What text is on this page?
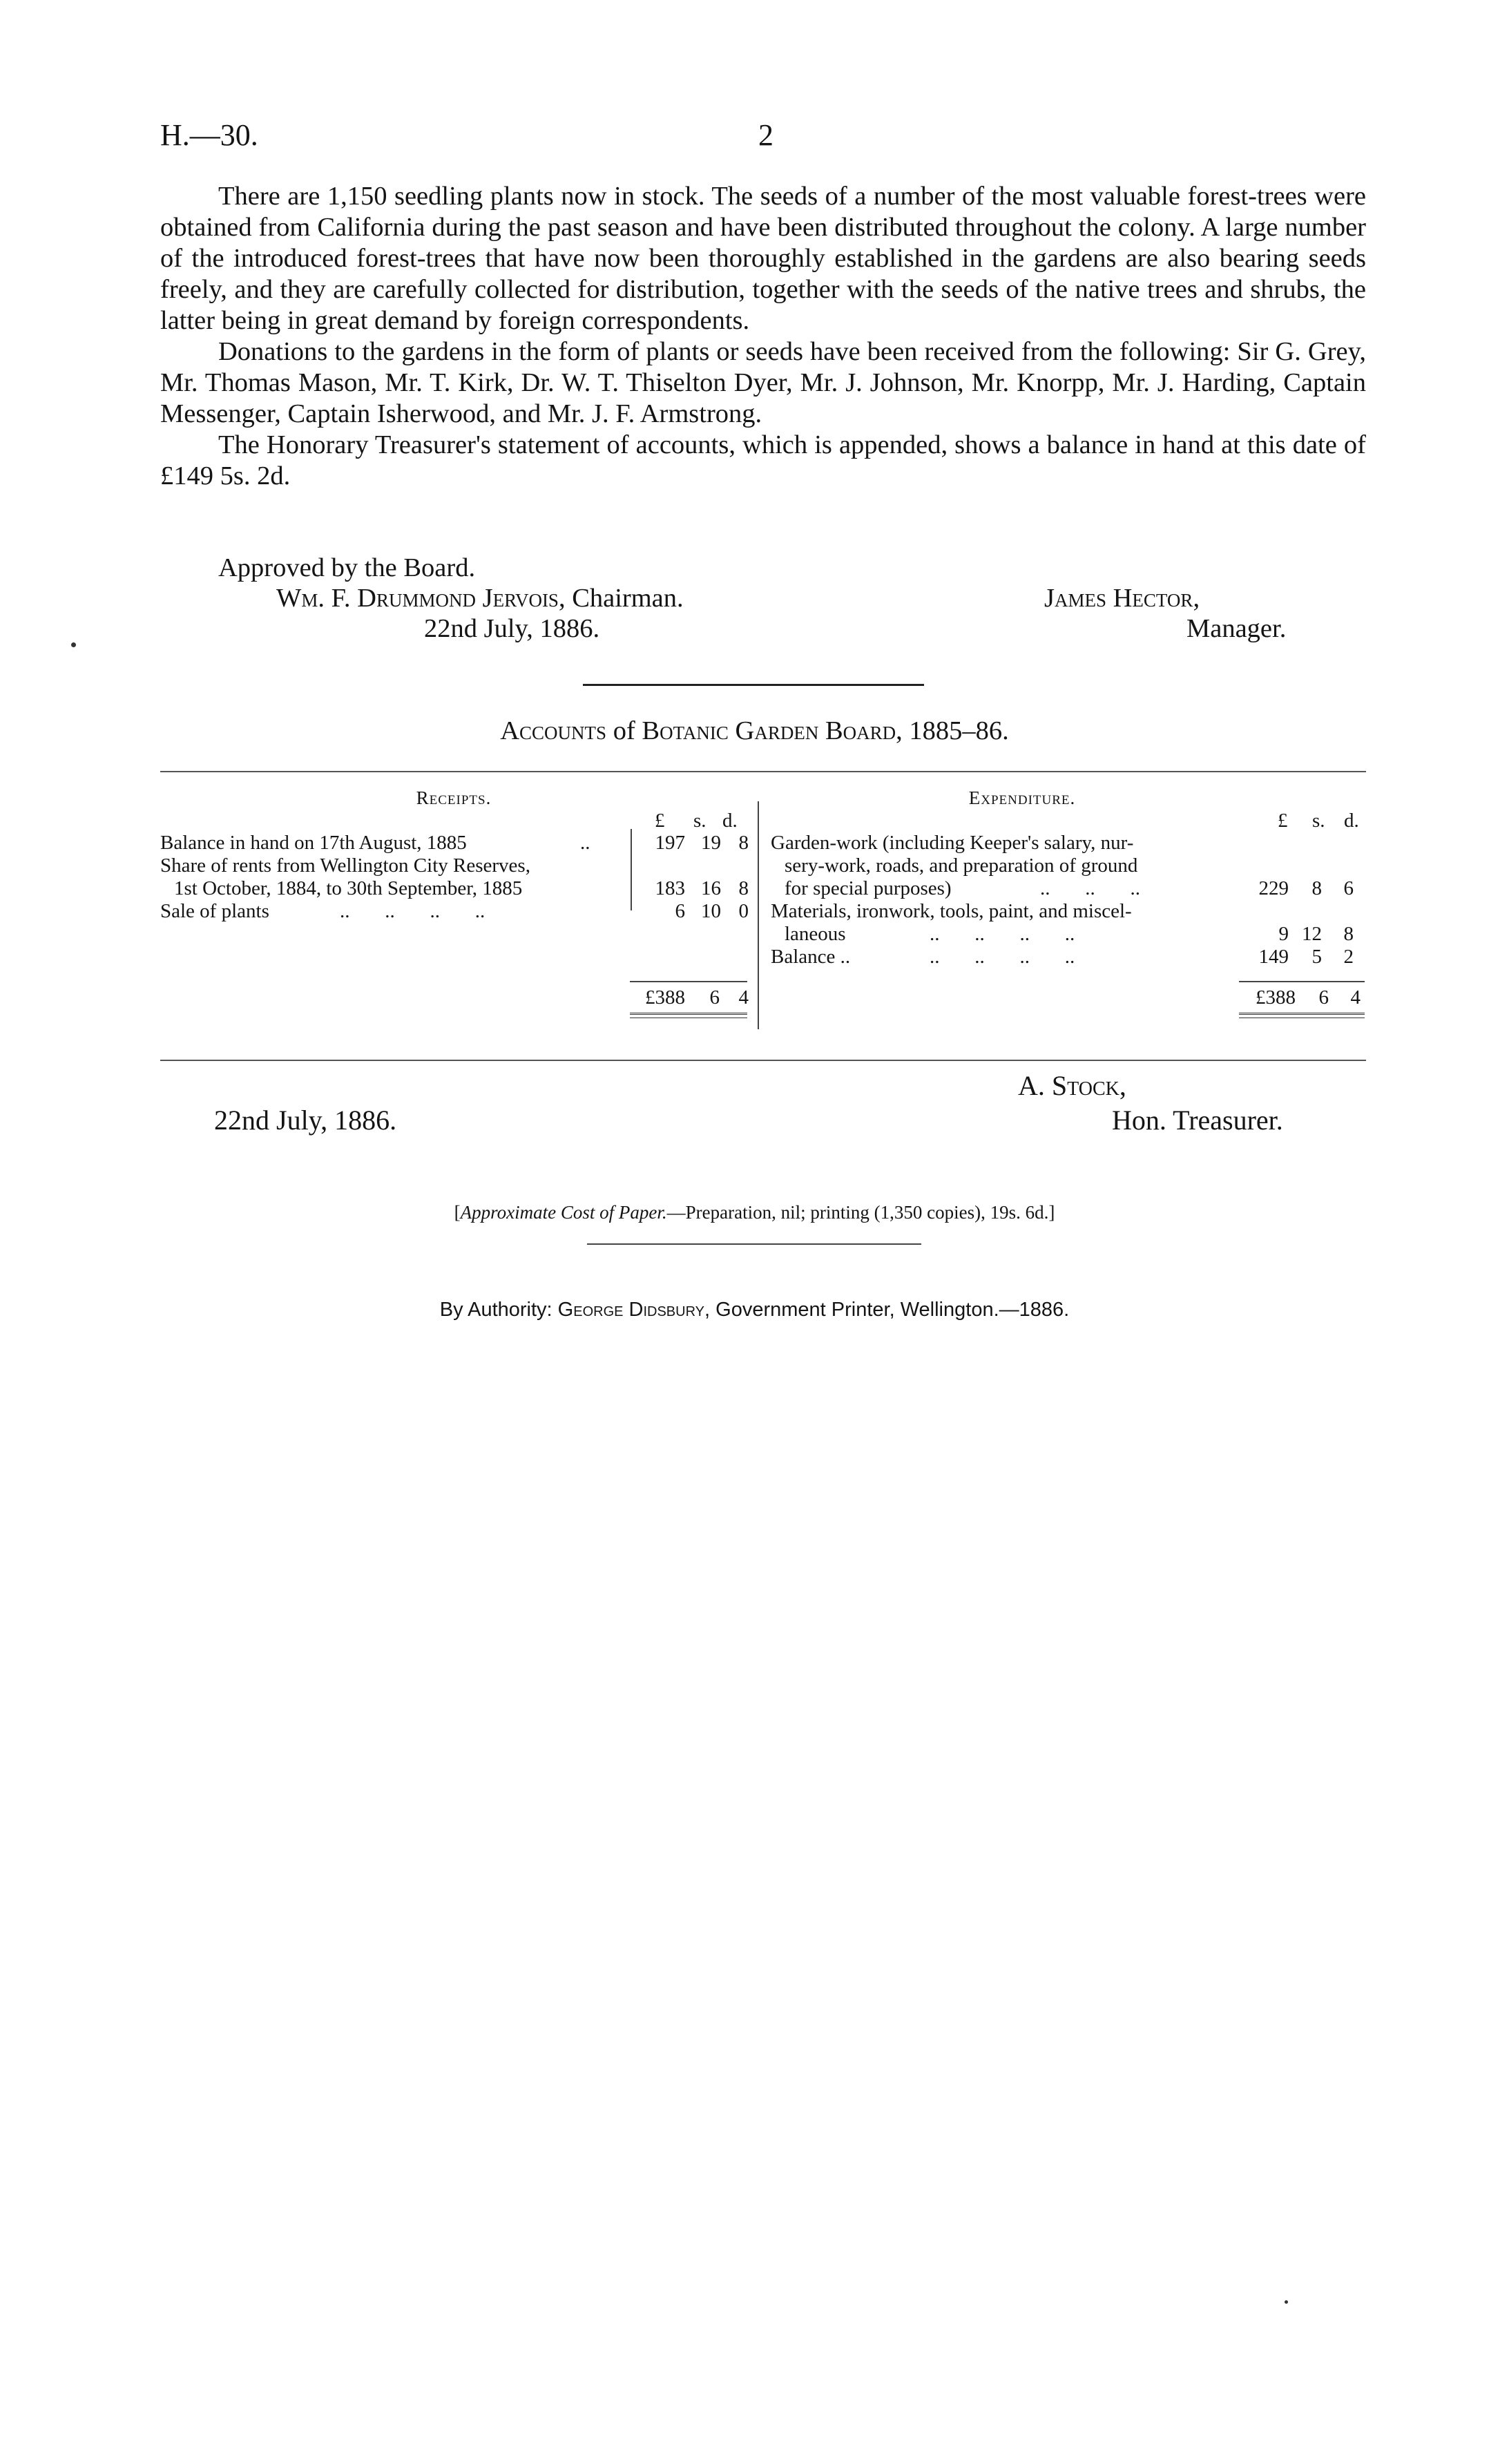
H.—30.	2

There are 1,150 seedling plants now in stock. The seeds of a number of the most valuable forest-trees were obtained from California during the past season and have been distributed throughout the colony. A large number of the introduced forest-trees that have now been thoroughly established in the gardens are also bearing seeds freely, and they are carefully collected for distribution, together with the seeds of the native trees and shrubs, the latter being in great demand by foreign correspondents.

Donations to the gardens in the form of plants or seeds have been received from the following: Sir G. Grey, Mr. Thomas Mason, Mr. T. Kirk, Dr. W. T. Thiselton Dyer, Mr. J. Johnson, Mr. Knorpp, Mr. J. Harding, Captain Messenger, Captain Isherwood, and Mr. J. F. Armstrong.

The Honorary Treasurer's statement of accounts, which is appended, shows a balance in hand at this date of £149 5s. 2d.

Approved by the Board.
Wm. F. Drummond Jervois, Chairman.
22nd July, 1886.
James Hector,
Manager.
Accounts of Botanic Garden Board, 1885–86.
Receipts.	Expenditure.
£ s. d.	£ s. d.
Balance in hand on 17th August, 1885	..	197 19 8
Share of rents from Wellington City Reserves,
1st October, 1884, to 30th September, 1885	183 16 8
Sale of plants	..       ..       ..       ..	6 10 0
£388	6 4
Garden-work (including Keeper's salary, nur-
sery-work, roads, and preparation of ground
for special purposes)	..       ..       ..	229	8	6
Materials, ironwork, tools, paint, and miscel-
laneous	..       ..       ..       ..	9 12	8
Balance ..	..       ..       ..       ..	149	5	2
£388	6	4
A. Stock,
Hon. Treasurer.
22nd July, 1886.
[Approximate Cost of Paper.—Preparation, nil; printing (1,350 copies), 19s. 6d.]
By Authority: George Didsbury, Government Printer, Wellington.—1886.
